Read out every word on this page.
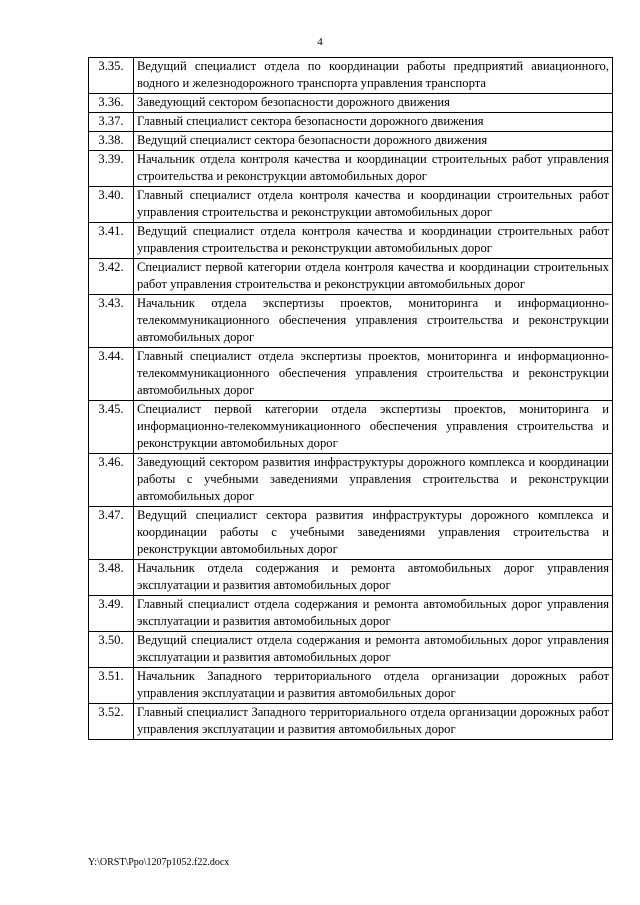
4
3.35.	Ведущий специалист отдела по координации работы предприятий авиационного, водного и железнодорожного транспорта управления транспорта
3.36.	Заведующий сектором безопасности дорожного движения
3.37.	Главный специалист сектора безопасности дорожного движения
3.38.	Ведущий специалист сектора безопасности дорожного движения
3.39.	Начальник отдела контроля качества и координации строительных работ управления строительства и реконструкции автомобильных дорог
3.40.	Главный специалист отдела контроля качества и координации строительных работ управления строительства и реконструкции автомобильных дорог
3.41.	Ведущий специалист отдела контроля качества и координации строительных работ управления строительства и реконструкции автомобильных дорог
3.42.	Специалист первой категории отдела контроля качества и координации строительных работ управления строительства и реконструкции автомобильных дорог
3.43.	Начальник отдела экспертизы проектов, мониторинга и информационно-телекоммуникационного обеспечения управления строительства и реконструкции автомобильных дорог
3.44.	Главный специалист отдела экспертизы проектов, мониторинга и информационно-телекоммуникационного обеспечения управления строительства и реконструкции автомобильных дорог
3.45.	Специалист первой категории отдела экспертизы проектов, мониторинга и информационно-телекоммуникационного обеспечения управления строительства и реконструкции автомобильных дорог
3.46.	Заведующий сектором развития инфраструктуры дорожного комплекса и координации работы с учебными заведениями управления строительства и реконструкции автомобильных дорог
3.47.	Ведущий специалист сектора развития инфраструктуры дорожного комплекса и координации работы с учебными заведениями управления строительства и реконструкции автомобильных дорог
3.48.	Начальник отдела содержания и ремонта автомобильных дорог управления эксплуатации и развития автомобильных дорог
3.49.	Главный специалист отдела содержания и ремонта автомобильных дорог управления эксплуатации и развития автомобильных дорог
3.50.	Ведущий специалист отдела содержания и ремонта автомобильных дорог управления эксплуатации и развития автомобильных дорог
3.51.	Начальник Западного территориального отдела организации дорожных работ управления эксплуатации и развития автомобильных дорог
3.52.	Главный специалист Западного территориального отдела организации дорожных работ управления эксплуатации и развития автомобильных дорог
Y:\ORST\Ppo\1207p1052.f22.docx
